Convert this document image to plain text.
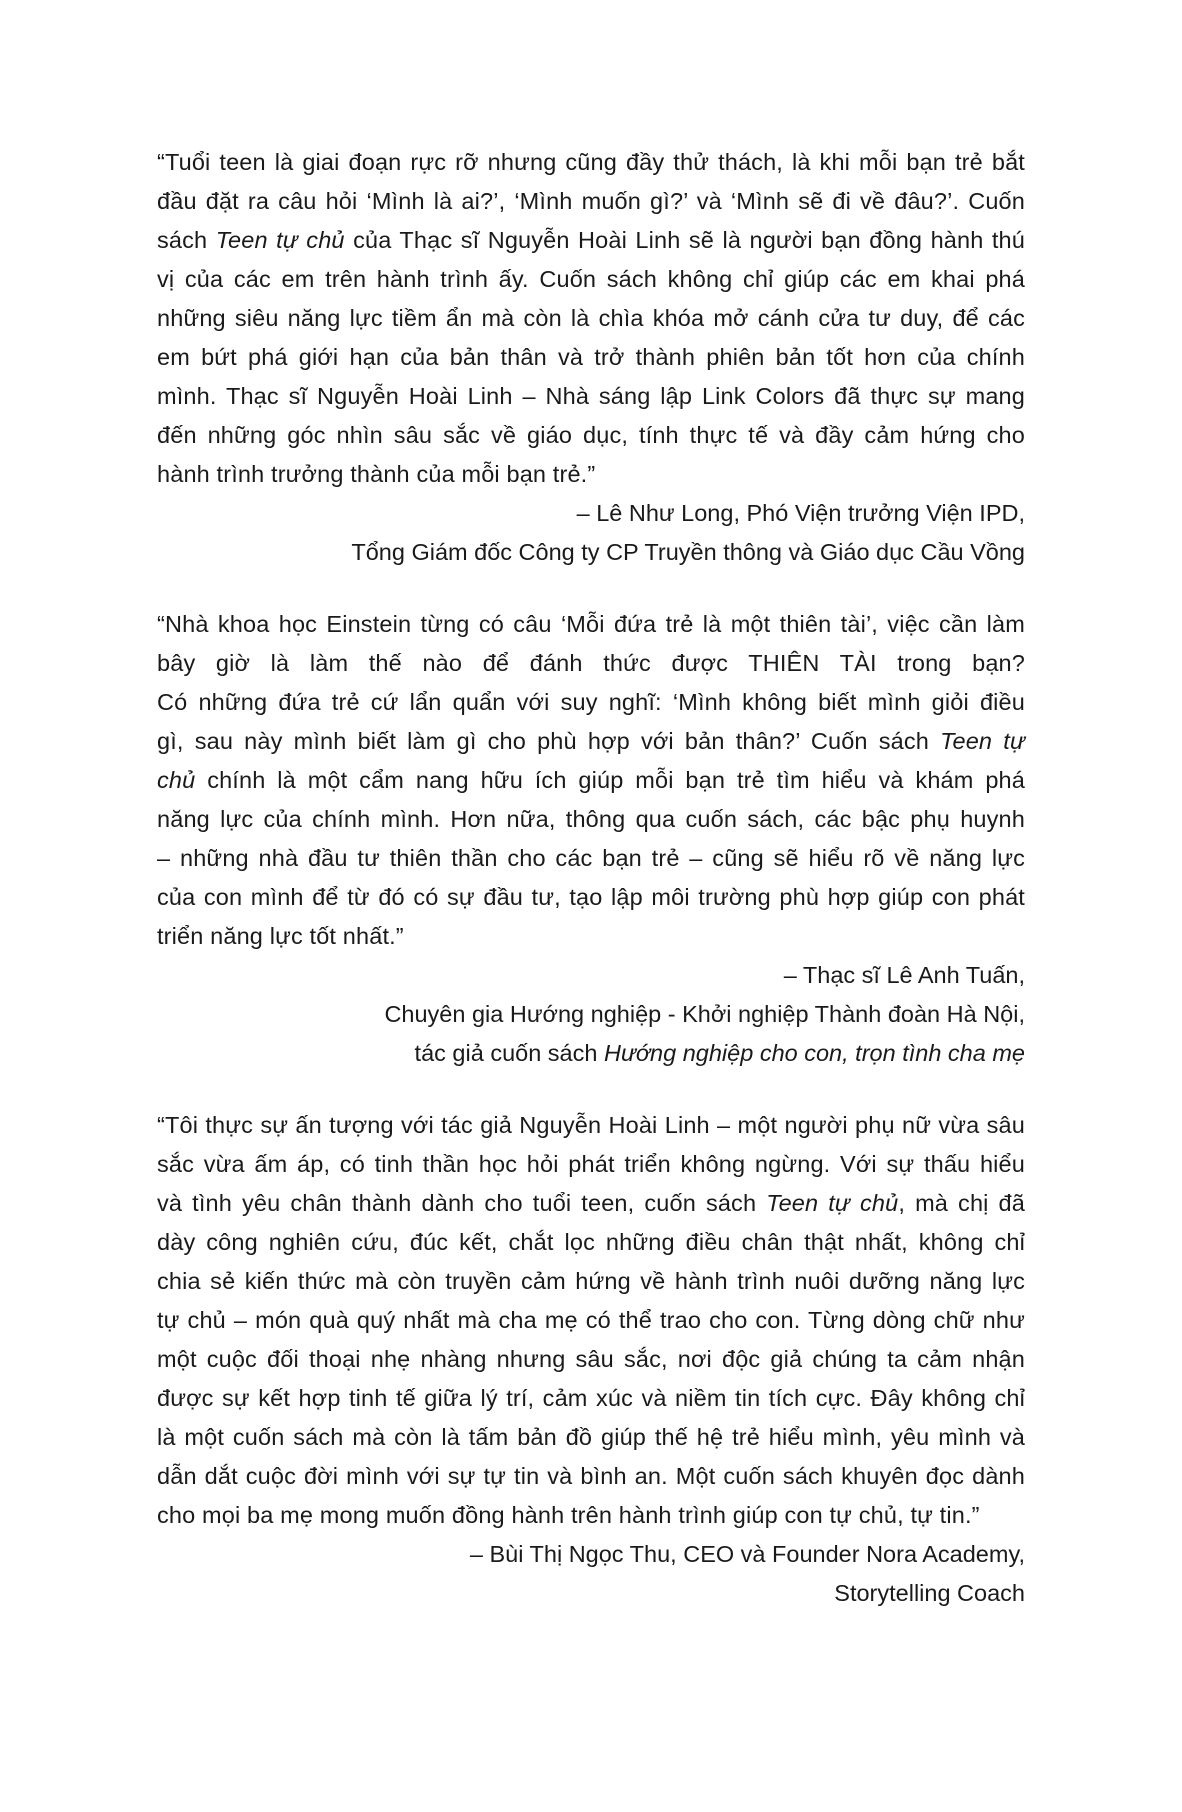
“Tuổi teen là giai đoạn rực rỡ nhưng cũng đầy thử thách, là khi mỗi bạn trẻ bắt
đầu đặt ra câu hỏi ‘Mình là ai?’, ‘Mình muốn gì?’ và ‘Mình sẽ đi về đâu?’. Cuốn
sách Teen tự chủ của Thạc sĩ Nguyễn Hoài Linh sẽ là người bạn đồng hành thú
vị của các em trên hành trình ấy. Cuốn sách không chỉ giúp các em khai phá
những siêu năng lực tiềm ẩn mà còn là chìa khóa mở cánh cửa tư duy, để các
em bứt phá giới hạn của bản thân và trở thành phiên bản tốt hơn của chính
mình. Thạc sĩ Nguyễn Hoài Linh – Nhà sáng lập Link Colors đã thực sự mang
đến những góc nhìn sâu sắc về giáo dục, tính thực tế và đầy cảm hứng cho
hành trình trưởng thành của mỗi bạn trẻ.”

– Lê Như Long, Phó Viện trưởng Viện IPD,
Tổng Giám đốc Công ty CP Truyền thông và Giáo dục Cầu Vồng

“Nhà khoa học Einstein từng có câu ‘Mỗi đứa trẻ là một thiên tài’, việc cần làm
bây giờ là làm thế nào để đánh thức được THIÊN TÀI trong bạn?
Có những đứa trẻ cứ lẩn quẩn với suy nghĩ: ‘Mình không biết mình giỏi điều
gì, sau này mình biết làm gì cho phù hợp với bản thân?’ Cuốn sách Teen tự
chủ chính là một cẩm nang hữu ích giúp mỗi bạn trẻ tìm hiểu và khám phá
năng lực của chính mình. Hơn nữa, thông qua cuốn sách, các bậc phụ huynh
– những nhà đầu tư thiên thần cho các bạn trẻ – cũng sẽ hiểu rõ về năng lực
của con mình để từ đó có sự đầu tư, tạo lập môi trường phù hợp giúp con phát
triển năng lực tốt nhất.”

– Thạc sĩ Lê Anh Tuấn,
Chuyên gia Hướng nghiệp - Khởi nghiệp Thành đoàn Hà Nội,
tác giả cuốn sách Hướng nghiệp cho con, trọn tình cha mẹ

“Tôi thực sự ấn tượng với tác giả Nguyễn Hoài Linh – một người phụ nữ vừa sâu
sắc vừa ấm áp, có tinh thần học hỏi phát triển không ngừng. Với sự thấu hiểu
và tình yêu chân thành dành cho tuổi teen, cuốn sách Teen tự chủ, mà chị đã
dày công nghiên cứu, đúc kết, chắt lọc những điều chân thật nhất, không chỉ
chia sẻ kiến thức mà còn truyền cảm hứng về hành trình nuôi dưỡng năng lực
tự chủ – món quà quý nhất mà cha mẹ có thể trao cho con. Từng dòng chữ như
một cuộc đối thoại nhẹ nhàng nhưng sâu sắc, nơi độc giả chúng ta cảm nhận
được sự kết hợp tinh tế giữa lý trí, cảm xúc và niềm tin tích cực. Đây không chỉ
là một cuốn sách mà còn là tấm bản đồ giúp thế hệ trẻ hiểu mình, yêu mình và
dẫn dắt cuộc đời mình với sự tự tin và bình an. Một cuốn sách khuyên đọc dành
cho mọi ba mẹ mong muốn đồng hành trên hành trình giúp con tự chủ, tự tin.”

– Bùi Thị Ngọc Thu, CEO và Founder Nora Academy,
Storytelling Coach
